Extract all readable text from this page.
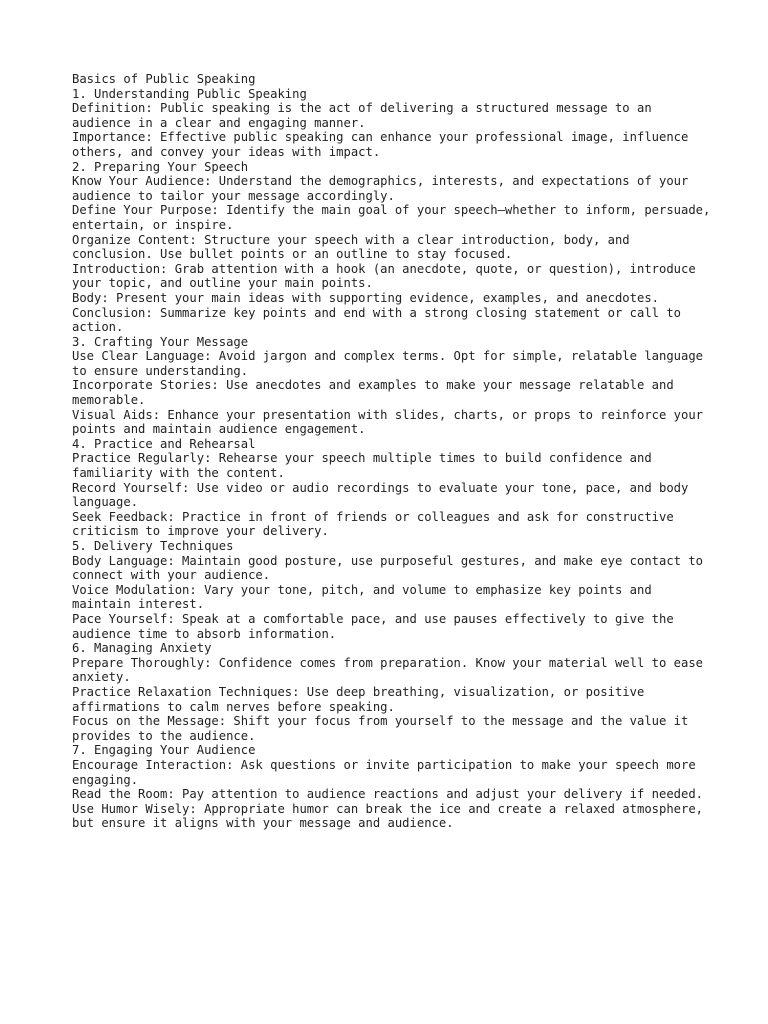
Basics of Public Speaking
1. Understanding Public Speaking
Definition: Public speaking is the act of delivering a structured message to an audience in a clear and engaging manner.
Importance: Effective public speaking can enhance your professional image, influence others, and convey your ideas with impact.
2. Preparing Your Speech
Know Your Audience: Understand the demographics, interests, and expectations of your audience to tailor your message accordingly.
Define Your Purpose: Identify the main goal of your speech—whether to inform, persuade, entertain, or inspire.
Organize Content: Structure your speech with a clear introduction, body, and conclusion. Use bullet points or an outline to stay focused.
Introduction: Grab attention with a hook (an anecdote, quote, or question), introduce your topic, and outline your main points.
Body: Present your main ideas with supporting evidence, examples, and anecdotes.
Conclusion: Summarize key points and end with a strong closing statement or call to action.
3. Crafting Your Message
Use Clear Language: Avoid jargon and complex terms. Opt for simple, relatable language to ensure understanding.
Incorporate Stories: Use anecdotes and examples to make your message relatable and memorable.
Visual Aids: Enhance your presentation with slides, charts, or props to reinforce your points and maintain audience engagement.
4. Practice and Rehearsal
Practice Regularly: Rehearse your speech multiple times to build confidence and familiarity with the content.
Record Yourself: Use video or audio recordings to evaluate your tone, pace, and body language.
Seek Feedback: Practice in front of friends or colleagues and ask for constructive criticism to improve your delivery.
5. Delivery Techniques
Body Language: Maintain good posture, use purposeful gestures, and make eye contact to connect with your audience.
Voice Modulation: Vary your tone, pitch, and volume to emphasize key points and maintain interest.
Pace Yourself: Speak at a comfortable pace, and use pauses effectively to give the audience time to absorb information.
6. Managing Anxiety
Prepare Thoroughly: Confidence comes from preparation. Know your material well to ease anxiety.
Practice Relaxation Techniques: Use deep breathing, visualization, or positive affirmations to calm nerves before speaking.
Focus on the Message: Shift your focus from yourself to the message and the value it provides to the audience.
7. Engaging Your Audience
Encourage Interaction: Ask questions or invite participation to make your speech more engaging.
Read the Room: Pay attention to audience reactions and adjust your delivery if needed.
Use Humor Wisely: Appropriate humor can break the ice and create a relaxed atmosphere, but ensure it aligns with your message and audience.
